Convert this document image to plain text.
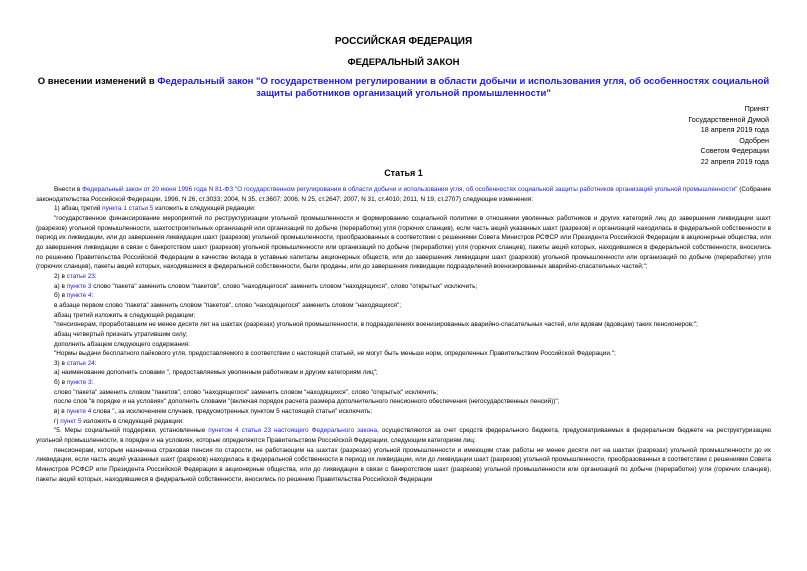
РОССИЙСКАЯ ФЕДЕРАЦИЯ
ФЕДЕРАЛЬНЫЙ ЗАКОН
О внесении изменений в Федеральный закон "О государственном регулировании в области добычи и использования угля, об особенностях социальной защиты работников организаций угольной промышленности"
Принят
Государственной Думой
18 апреля 2019 года
Одобрен
Советом Федерации
22 апреля 2019 года
Статья 1

Внести в Федеральный закон от 20 июня 1996 года N 81-ФЗ "О государственном регулировании в области добычи и использования угля, об особенностях социальной защиты работников организаций угольной промышленности" (Собрание законодательства Российской Федерации, 1996, N 26, ст.3033; 2004, N 35, ст.3607; 2006, N 25, ст.2647; 2007, N 31, ст.4010; 2011, N 19, ст.2707) следующие изменения:

1) абзац третий пункта 1 статьи 5 изложить в следующей редакции:

"государственное финансирование мероприятий по реструктуризации угольной промышленности и формированию социальной политики в отношении уволенных работников и других категорий лиц до завершения ликвидации шахт (разрезов) угольной промышленности, шахтостроительных организаций или организаций по добыче (переработке) угля (горючих сланцев), если часть акций указанных шахт (разрезов) и организаций находилась в федеральной собственности в период их ликвидации, или до завершения ликвидации шахт (разрезов) угольной промышленности, преобразованных в соответствии с решениями Совета Министров РСФСР или Президента Российской Федерации в акционерные общества, или до завершения ликвидации в связи с банкротством шахт (разрезов) угольной промышленности или организаций по добыче (переработке) угля (горючих сланцев), пакеты акций которых, находившиеся в федеральной собственности, вносились по решению Правительства Российской Федерации в качестве вклада в уставные капиталы акционерных обществ, или до завершения ликвидации шахт (разрезов) угольной промышленности или организаций по добыче (переработке) угля (горючих сланцев), пакеты акций которых, находившиеся в федеральной собственности, были проданы, или до завершения ликвидации подразделений военизированных аварийно-спасательных частей;";

2) в статье 23:

а) в пункте 3 слово "пакета" заменить словом "пакетов", слово "находящегося" заменить словом "находящихся", слово "открытых" исключить;

б) в пункте 4:

в абзаце первом слово "пакета" заменить словом "пакетов", слово "находящегося" заменить словом "находящихся";

абзац третий изложить в следующей редакции:

"пенсионерам, проработавшим не менее десяти лет на шахтах (разрезах) угольной промышленности, в подразделениях военизированных аварийно-спасательных частей, или вдовам (вдовцам) таких пенсионеров;";

абзац четвертый признать утратившим силу;

дополнить абзацем следующего содержания:

"Нормы выдачи бесплатного пайкового угля, предоставляемого в соответствии с настоящей статьей, не могут быть меньше норм, определенных Правительством Российской Федерации.";

3) в статье 24:

а) наименование дополнить словами ", предоставляемых уволенным работникам и другим категориям лиц";

б) в пункте 3:

слово "пакета" заменить словом "пакетов", слово "находящегося" заменить словом "находящихся", слово "открытых" исключить;

после слов "в порядке и на условиях" дополнить словами "(включая порядок расчета размера дополнительного пенсионного обеспечения (негосударственных пенсий))";

в) в пункте 4 слова ", за исключением случаев, предусмотренных пунктом 5 настоящей статьи" исключить;

г) пункт 5 изложить в следующей редакции:

"5. Меры социальной поддержки, установленные пунктом 4 статьи 23 настоящего Федерального закона, осуществляются за счет средств федерального бюджета, предусматриваемых в федеральном бюджете на реструктуризацию угольной промышленности, в порядке и на условиях, которые определяются Правительством Российской Федерации, следующим категориям лиц:

пенсионерам, которым назначена страховая пенсия по старости, не работающим на шахтах (разрезах) угольной промышленности и имеющим стаж работы не менее десяти лет на шахтах (разрезах) угольной промышленности до их ликвидации, если часть акций указанных шахт (разрезов) находилась в федеральной собственности в период их ликвидации, или до ликвидации шахт (разрезов) угольной промышленности, преобразованных в соответствии с решениями Совета Министров РСФСР или Президента Российской Федерации в акционерные общества, или до ликвидации в связи с банкротством шахт (разрезов) угольной промышленности или организаций по добыче (переработке) угля (горючих сланцев), пакеты акций которых, находившиеся в федеральной собственности, вносились по решению Правительства Российской Федерации
